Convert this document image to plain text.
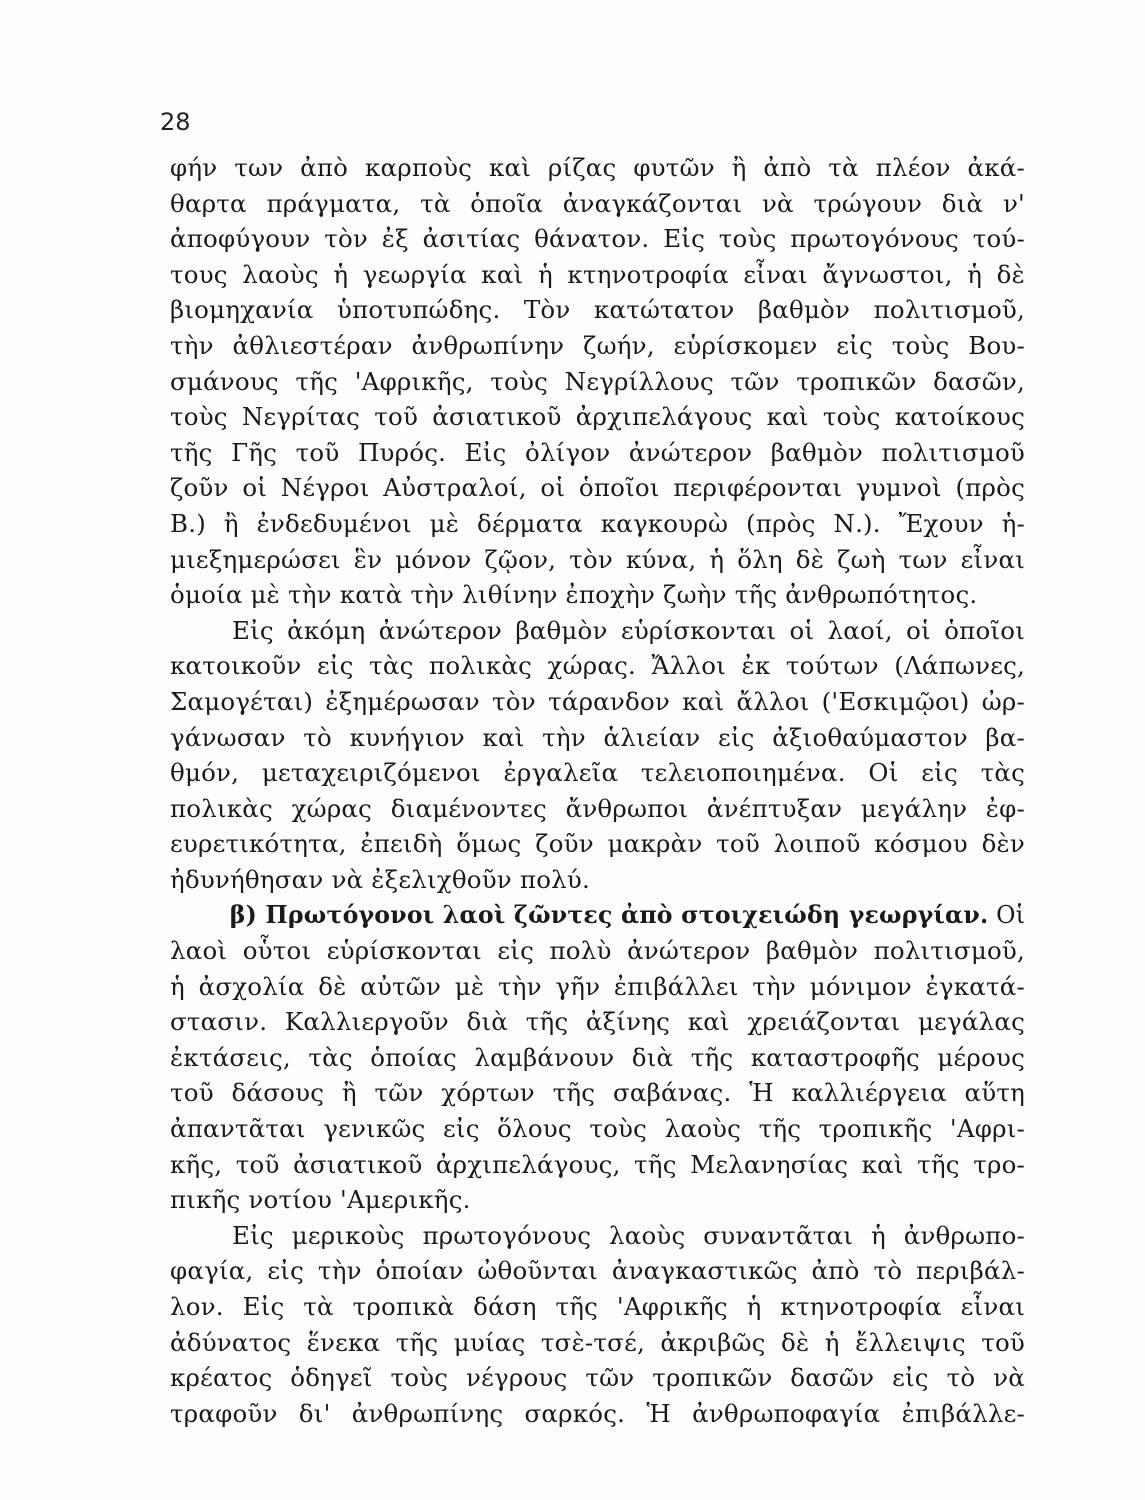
28
φήν των ἀπὸ καρποὺς καὶ ρίζας φυτῶν ἢ ἀπὸ τὰ πλέον ἀκά-
θαρτα πράγματα, τὰ ὁποῖα ἀναγκάζονται νὰ τρώγουν διὰ ν'
ἀποφύγουν τὸν ἐξ ἀσιτίας θάνατον. Εἰς τοὺς πρωτογόνους τού-
τους λαοὺς ἡ γεωργία καὶ ἡ κτηνοτροφία εἶναι ἄγνωστοι, ἡ δὲ
βιομηχανία ὑποτυπώδης. Τὸν κατώτατον βαθμὸν πολιτισμοῦ,
τὴν ἀθλιεστέραν ἀνθρωπίνην ζωήν, εὑρίσκομεν εἰς τοὺς Βου-
σμάνους τῆς 'Αφρικῆς, τοὺς Νεγρίλλους τῶν τροπικῶν δασῶν,
τοὺς Νεγρίτας τοῦ ἀσιατικοῦ ἀρχιπελάγους καὶ τοὺς κατοίκους
τῆς Γῆς τοῦ Πυρός. Εἰς ὀλίγον ἀνώτερον βαθμὸν πολιτισμοῦ
ζοῦν οἱ Νέγροι Αὐστραλοί, οἱ ὁποῖοι περιφέρονται γυμνοὶ (πρὸς
Β.) ἢ ἐνδεδυμένοι μὲ δέρματα καγκουρὼ (πρὸς Ν.). Ἔχουν ἡ-
μιεξημερώσει ἓν μόνον ζῷον, τὸν κύνα, ἡ ὅλη δὲ ζωὴ των εἶναι
ὁμοία μὲ τὴν κατὰ τὴν λιθίνην ἐποχὴν ζωὴν τῆς ἀνθρωπότητος.
Εἰς ἀκόμη ἀνώτερον βαθμὸν εὑρίσκονται οἱ λαοί, οἱ ὁποῖοι
κατοικοῦν εἰς τὰς πολικὰς χώρας. Ἄλλοι ἐκ τούτων (Λάπωνες,
Σαμογέται) ἐξημέρωσαν τὸν τάρανδον καὶ ἄλλοι ('Εσκιμῷοι) ὠρ-
γάνωσαν τὸ κυνήγιον καὶ τὴν ἁλιείαν εἰς ἀξιοθαύμαστον βα-
θμόν, μεταχειριζόμενοι ἐργαλεῖα τελειοποιημένα. Οἱ εἰς τὰς
πολικὰς χώρας διαμένοντες ἄνθρωποι ἀνέπτυξαν μεγάλην ἐφ-
ευρετικότητα, ἐπειδὴ ὅμως ζοῦν μακρὰν τοῦ λοιποῦ κόσμου δὲν
ἠδυνήθησαν νὰ ἐξελιχθοῦν πολύ.
β) Πρωτόγονοι λαοὶ ζῶντες ἀπὸ στοιχειώδη γεωργίαν. Οἱ
λαοὶ οὗτοι εὑρίσκονται εἰς πολὺ ἀνώτερον βαθμὸν πολιτισμοῦ,
ἡ ἀσχολία δὲ αὐτῶν μὲ τὴν γῆν ἐπιβάλλει τὴν μόνιμον ἐγκατά-
στασιν. Καλλιεργοῦν διὰ τῆς ἀξίνης καὶ χρειάζονται μεγάλας
ἐκτάσεις, τὰς ὁποίας λαμβάνουν διὰ τῆς καταστροφῆς μέρους
τοῦ δάσους ἢ τῶν χόρτων τῆς σαβάνας. Ἡ καλλιέργεια αὕτη
ἀπαντᾶται γενικῶς εἰς ὅλους τοὺς λαοὺς τῆς τροπικῆς 'Αφρι-
κῆς, τοῦ ἀσιατικοῦ ἀρχιπελάγους, τῆς Μελανησίας καὶ τῆς τρο-
πικῆς νοτίου 'Αμερικῆς.
Εἰς μερικοὺς πρωτογόνους λαοὺς συναντᾶται ἡ ἀνθρωπο-
φαγία, εἰς τὴν ὁποίαν ὠθοῦνται ἀναγκαστικῶς ἀπὸ τὸ περιβάλ-
λον. Εἰς τὰ τροπικὰ δάση τῆς 'Αφρικῆς ἡ κτηνοτροφία εἶναι
ἀδύνατος ἕνεκα τῆς μυίας τσὲ-τσέ, ἀκριβῶς δὲ ἡ ἔλλειψις τοῦ
κρέατος ὁδηγεῖ τοὺς νέγρους τῶν τροπικῶν δασῶν εἰς τὸ νὰ
τραφοῦν δι' ἀνθρωπίνης σαρκός. Ἡ ἀνθρωποφαγία ἐπιβάλλε-
